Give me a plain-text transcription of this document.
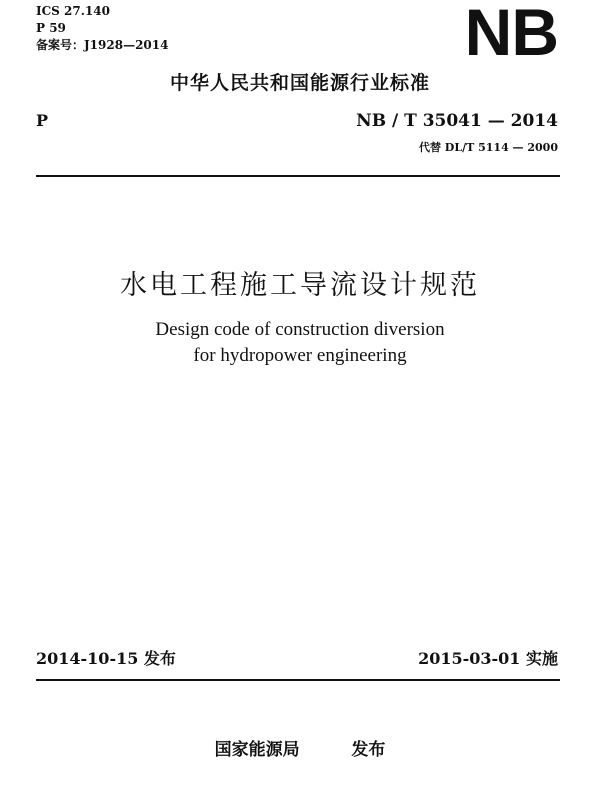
ICS 27.140
P 59
备案号：J1928—2014	NB
中华人民共和国能源行业标准
P	NB / T 35041 — 2014
代替 DL/T 5114 — 2000
水电工程施工导流设计规范
Design code of construction diversion
for hydropower engineering
2014-10-15 发布	2015-03-01 实施
国家能源局  发布
